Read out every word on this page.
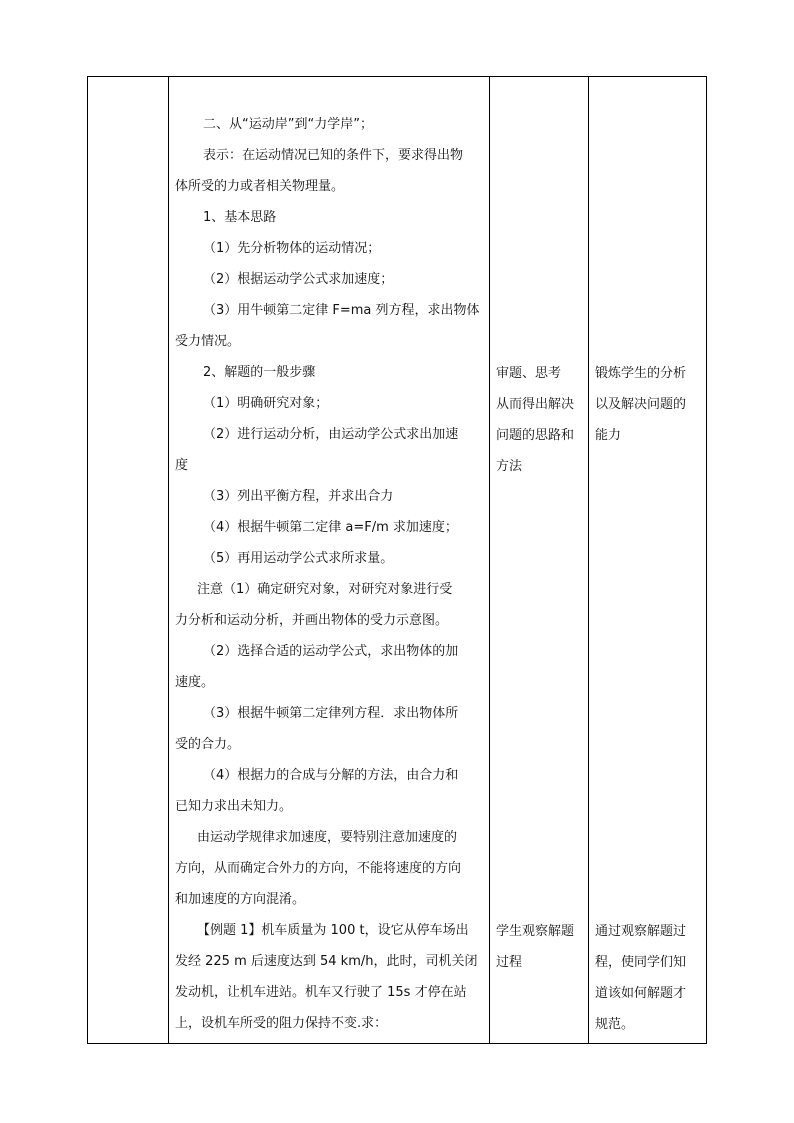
二、从“运动岸”到“力学岸”；
表示：在运动情况已知的条件下，要求得出物
体所受的力或者相关物理量。
1、基本思路
（1）先分析物体的运动情况；
（2）根据运动学公式求加速度；
（3）用牛顿第二定律 F=ma 列方程，求出物体
受力情况。
2、解题的一般步骤
（1）明确研究对象；
（2）进行运动分析，由运动学公式求出加速
度
（3）列出平衡方程，并求出合力
（4）根据牛顿第二定律 a=F/m 求加速度；
（5）再用运动学公式求所求量。
注意（1）确定研究对象，对研究对象进行受
力分析和运动分析，并画出物体的受力示意图。
（2）选择合适的运动学公式，求出物体的加
速度。
（3）根据牛顿第二定律列方程．求出物体所
受的合力。
（4）根据力的合成与分解的方法，由合力和
已知力求出未知力。
由运动学规律求加速度，要特别注意加速度的
方向，从而确定合外力的方向，不能将速度的方向
和加速度的方向混淆。
【例题 1】机车质量为 100 t，设它从停车场出
发经 225 m 后速度达到 54 km/h，此时，司机关闭
发动机，让机车进站。机车又行驶了 15s 才停在站
上，设机车所受的阻力保持不变.求：
审题、思考
从而得出解决
问题的思路和
方法
学生观察解题
过程
锻炼学生的分析
以及解决问题的
能力
通过观察解题过
程，使同学们知
道该如何解题才
规范。
